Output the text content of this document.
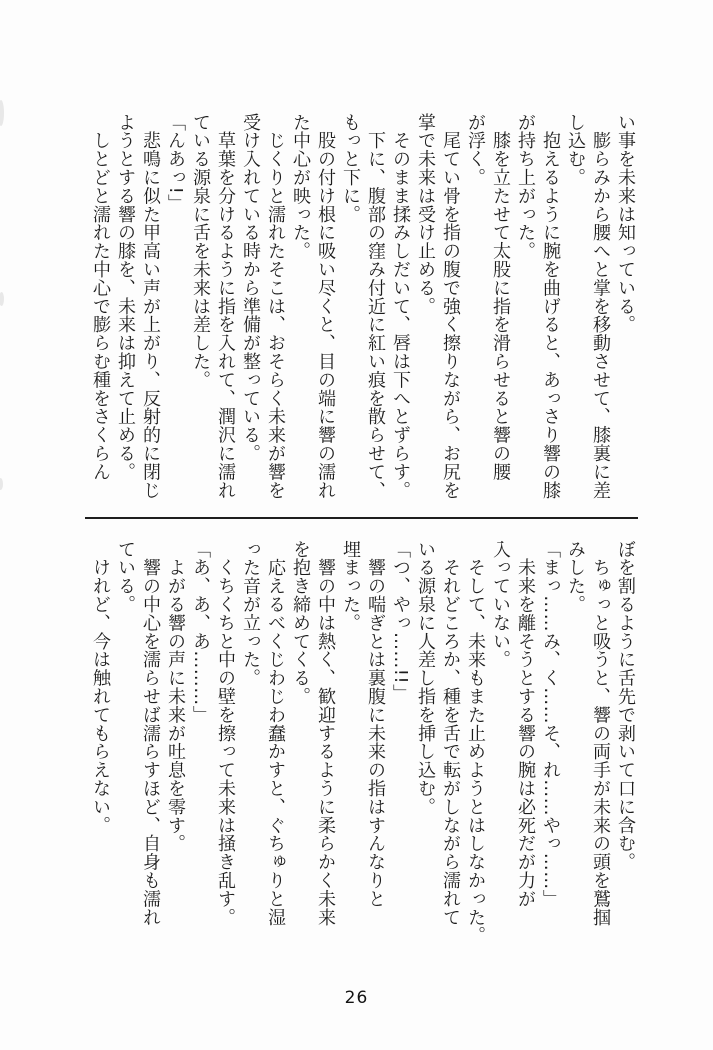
い事を未来は知っている。

　膨らみから腰へと掌を移動させて、膝裏に差

し込む。

　抱えるように腕を曲げると、あっさり響の膝

が持ち上がった。

　膝を立たせて太股に指を滑らせると響の腰

が浮く。

　尾てい骨を指の腹で強く擦りながら、お尻を

掌で未来は受け止める。

　そのまま揉みしだいて、唇は下へとずらす。

　下に、腹部の窪み付近に紅い痕を散らせて、

もっと下に。

　股の付け根に吸い尽くと、目の端に響の濡れ

た中心が映った。

　じくりと濡れたそこは、おそらく未来が響を

受け入れている時から準備が整っている。

　草葉を分けるように指を入れて、潤沢に濡れ

ている源泉に舌を未来は差した。

「んあっ!」

　悲鳴に似た甲高い声が上がり、反射的に閉じ

ようとする響の膝を、未来は抑えて止める。

　しとどと濡れた中心で膨らむ種をさくらん

ぼを割るように舌先で剥いて口に含む。

　ちゅっと吸うと、響の両手が未来の頭を鷲掴

みした。

「まっ……み、く……そ、れ……やっ……」

　未来を離そうとする響の腕は必死だが力が

入っていない。

　そして、未来もまた止めようとはしなかった。

　それどころか、種を舌で転がしながら濡れて

いる源泉に人差し指を挿し込む。

「つ、やっ……!!」

　響の喘ぎとは裏腹に未来の指はすんなりと

埋まった。

　響の中は熱く、歓迎するように柔らかく未来

を抱き締めてくる。

　応えるべくじわじわ蠢かすと、ぐちゅりと湿

った音が立った。

　くちくちと中の壁を擦って未来は掻き乱す。

「あ、あ、あ………」

　よがる響の声に未来が吐息を零す。

　響の中心を濡らせば濡らすほど、自身も濡れ

ている。

　けれど、今は触れてもらえない。

26
